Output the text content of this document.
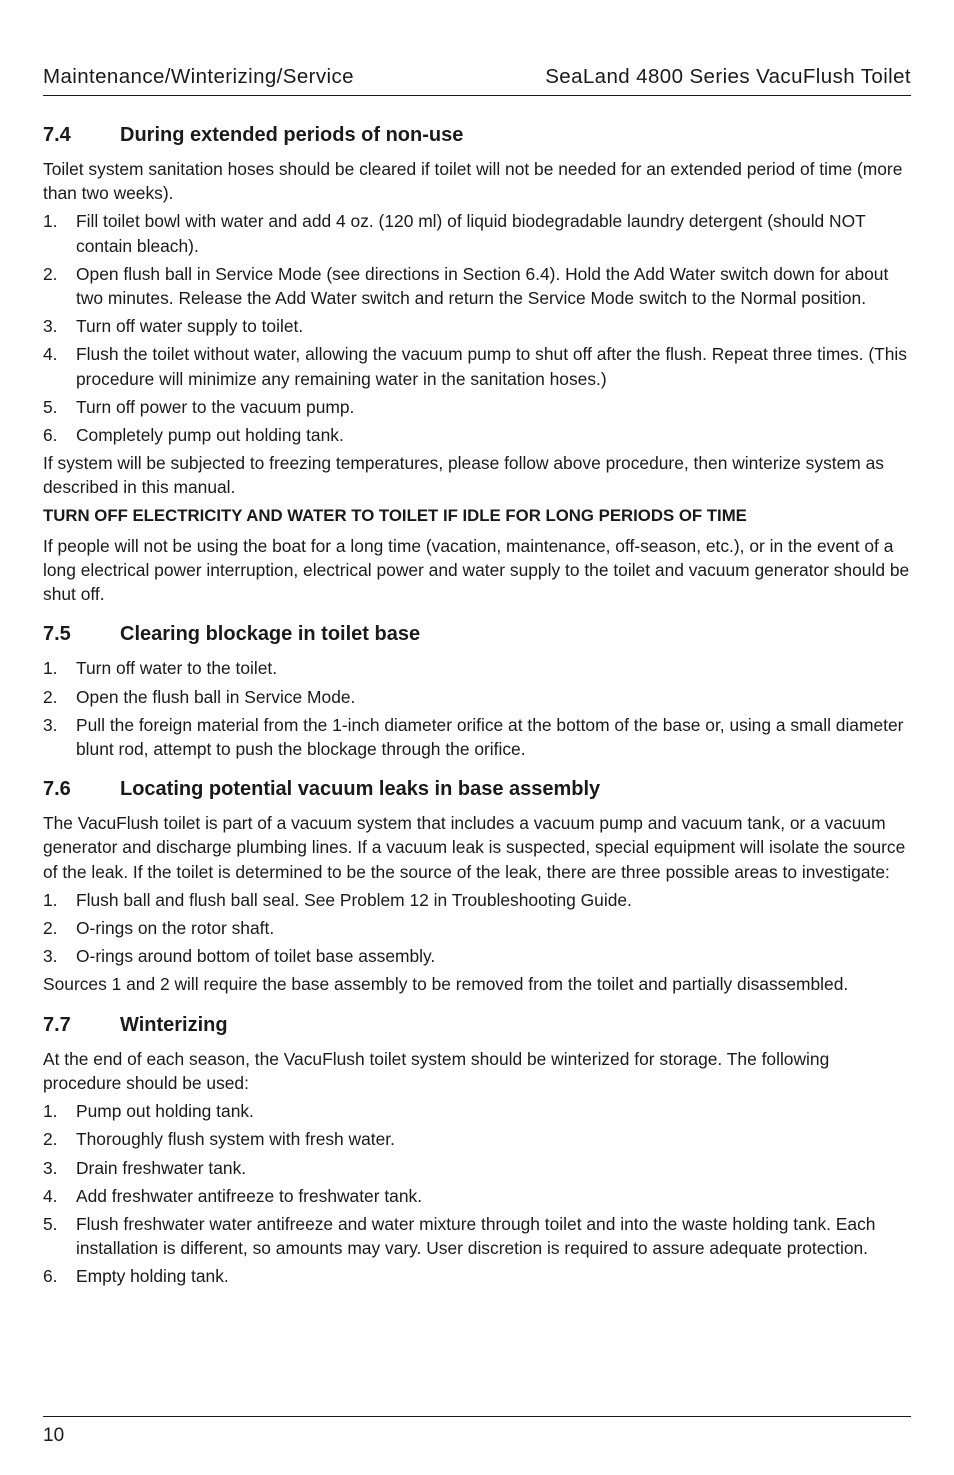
Maintenance/Winterizing/Service	SeaLand 4800 Series VacuFlush Toilet
7.4	During extended periods of non-use

Toilet system sanitation hoses should be cleared if toilet will not be needed for an extended period of time (more than two weeks).

1.	Fill toilet bowl with water and add 4 oz. (120 ml) of liquid biodegradable laundry detergent (should NOT contain bleach).
2.	Open flush ball in Service Mode (see directions in Section 6.4). Hold the Add Water switch down for about two minutes. Release the Add Water switch and return the Service Mode switch to the Normal position.
3.	Turn off water supply to toilet.
4.	Flush the toilet without water, allowing the vacuum pump to shut off after the flush. Repeat three times. (This procedure will minimize any remaining water in the sanitation hoses.)
5.	Turn off power to the vacuum pump.
6.	Completely pump out holding tank.

If system will be subjected to freezing temperatures, please follow above procedure, then winterize system as described in this manual.

TURN OFF ELECTRICITY AND WATER TO TOILET IF IDLE FOR LONG PERIODS OF TIME

If people will not be using the boat for a long time (vacation, maintenance, off-season, etc.), or in the event of a long electrical power interruption, electrical power and water supply to the toilet and vacuum generator should be shut off.

7.5	Clearing blockage in toilet base
1.	Turn off water to the toilet.
2.	Open the flush ball in Service Mode.
3.	Pull the foreign material from the 1-inch diameter orifice at the bottom of the base or, using a small diameter blunt rod, attempt to push the blockage through the orifice.
7.6	Locating potential vacuum leaks in base assembly

The VacuFlush toilet is part of a vacuum system that includes a vacuum pump and vacuum tank, or a vacuum generator and discharge plumbing lines. If a vacuum leak is suspected, special equipment will isolate the source of the leak. If the toilet is determined to be the source of the leak, there are three possible areas to investigate:

1.	Flush ball and flush ball seal. See Problem 12 in Troubleshooting Guide.
2.	O-rings on the rotor shaft.
3.	O-rings around bottom of toilet base assembly.

Sources 1 and 2 will require the base assembly to be removed from the toilet and partially disassembled.

7.7	Winterizing

At the end of each season, the VacuFlush toilet system should be winterized for storage. The following procedure should be used:

1.	Pump out holding tank.
2.	Thoroughly flush system with fresh water.
3.	Drain freshwater tank.
4.	Add freshwater antifreeze to freshwater tank.
5.	Flush freshwater water antifreeze and water mixture through toilet and into the waste holding tank. Each installation is different, so amounts may vary. User discretion is required to assure adequate protection.
6.	Empty holding tank.
10
